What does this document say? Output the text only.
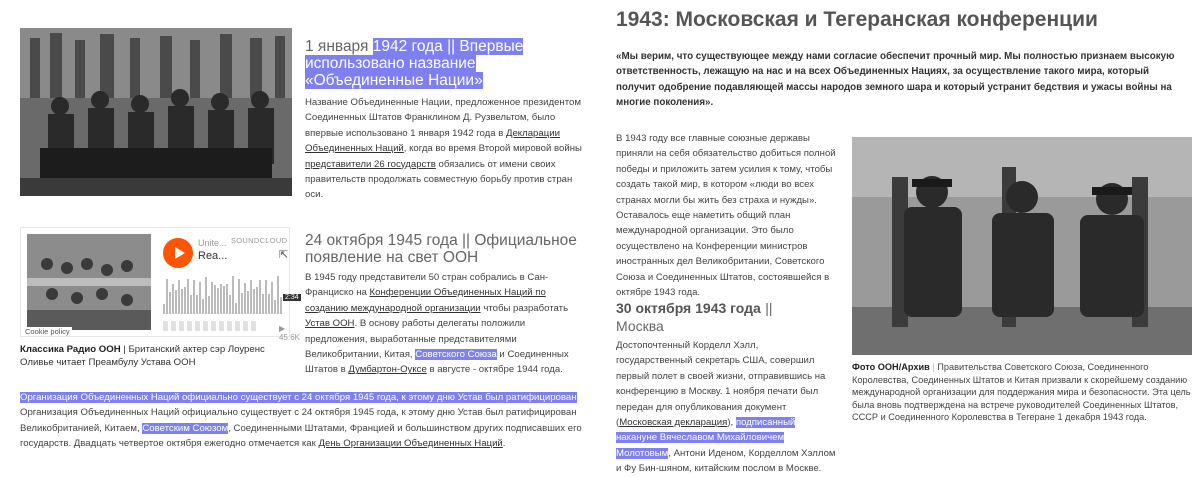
1 января 1942 года || Впервые использовано название «Объединенные Нации»
Название Объединенные Нации, предложенное президентом Соединенных Штатов Франклином Д. Рузвельтом, было впервые использовано 1 января 1942 года в Декларации Объединенных Наций, когда во время Второй мировой войны представители 26 государств обязались от имени своих правительств продолжать совместную борьбу против стран оси.
Unite...
Rea...
SOUNDCLOUD
⇱
2:34
▶ 45.6K
Cookie policy
Классика Радио ООН | Британский актер сэр Лоуренс Оливье читает Преамбулу Устава ООН
24 октября 1945 года || Официальное появление на свет ООН
В 1945 году представители 50 стран собрались в Сан-Франциско на Конференции Объединенных Наций по созданию международной организации чтобы разработать Устав ООН. В основу работы делегаты положили предложения, выработанные представителями Великобритании, Китая, Советского Союза и Соединенных Штатов в Думбартон-Оуксе в августе - октябре 1944 года.
Организация Объединенных Наций официально существует с 24 октября 1945 года, к этому дню Устав был ратифицирован
Организация Объединенных Наций официально существует с 24 октября 1945 года, к этому дню Устав был ратифицирован Великобританией, Китаем, Советским Союзом, Соединенными Штатами, Францией и большинством других подписавших его государств. Двадцать четвертое октября ежегодно отмечается как День Организации Объединенных Наций.
1943: Московская и Тегеранская конференции
«Мы верим, что существующее между нами согласие обеспечит прочный мир. Мы полностью признаем высокую ответственность, лежащую на нас и на всех Объединенных Нациях, за осуществление такого мира, который получит одобрение подавляющей массы народов земного шара и который устранит бедствия и ужасы войны на многие поколения».
В 1943 году все главные союзные державы приняли на себя обязательство добиться полной победы и приложить затем усилия к тому, чтобы создать такой мир, в котором «люди во всех странах могли бы жить без страха и нужды». Оставалось еще наметить общий план международной организации. Это было осуществлено на Конференции министров иностранных дел Великобритании, Советского Союза и Соединенных Штатов, состоявшейся в октябре 1943 года.
30 октября 1943 года ||
Москва
Достопочтенный Корделл Хэлл, государственный секретарь США, совершил первый полет в своей жизни, отправившись на конференцию в Москву. 1 ноября печати был передан для опубликования документ (Московская декларация), подписанный накануне Вячеславом Михайловичем Молотовым, Антони Иденом, Корделлом Хэллом и Фу Бин-шяном, китайским послом в Москве.
Фото ООН/Архив | Правительства Советского Союза, Соединенного Королевства, Соединенных Штатов и Китая призвали к скорейшему созданию международной организации для поддержания мира и безопасности. Эта цель была вновь подтверждена на встрече руководителей Соединенных Штатов, СССР и Соединенного Королевства в Тегеране 1 декабря 1943 года.
